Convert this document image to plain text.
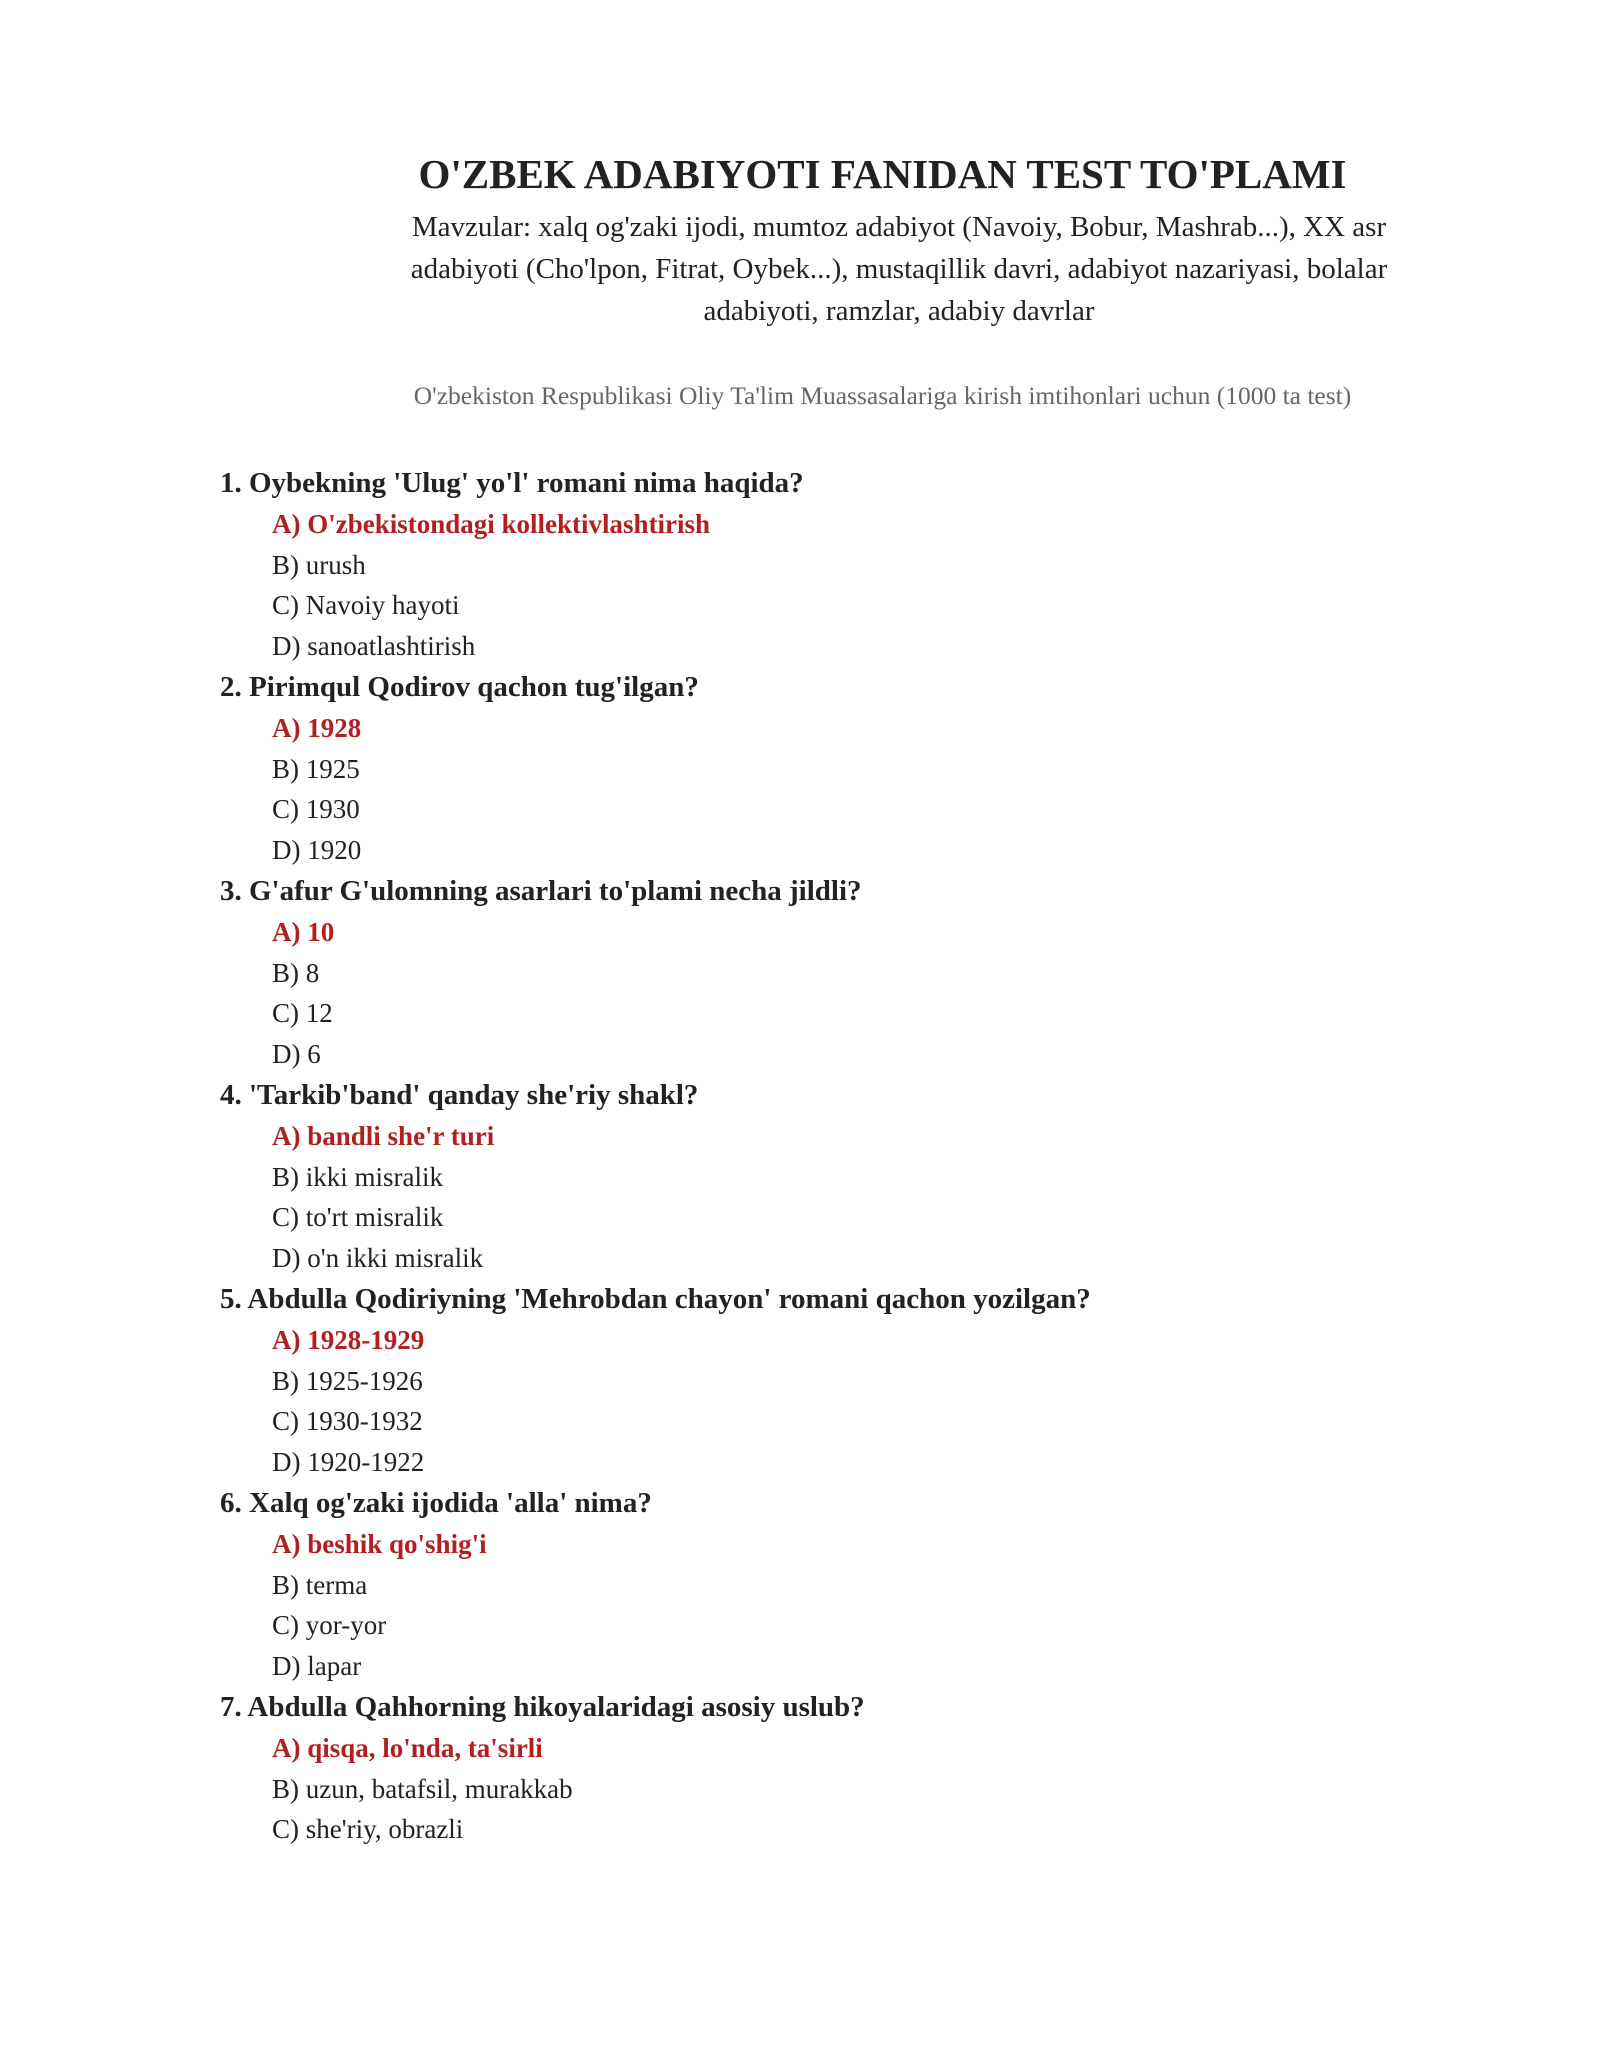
O'ZBEK ADABIYOTI FANIDAN TEST TO'PLAMI

Mavzular: xalq og'zaki ijodi, mumtoz adabiyot (Navoiy, Bobur, Mashrab...), XX asr adabiyoti (Cho'lpon, Fitrat, Oybek...), mustaqillik davri, adabiyot nazariyasi, bolalar adabiyoti, ramzlar, adabiy davrlar

O'zbekiston Respublikasi Oliy Ta'lim Muassasalariga kirish imtihonlari uchun (1000 ta test)

1. Oybekning 'Ulug' yo'l' romani nima haqida?
A) O'zbekistondagi kollektivlashtirish
B) urush
C) Navoiy hayoti
D) sanoatlashtirish
2. Pirimqul Qodirov qachon tug'ilgan?
A) 1928
B) 1925
C) 1930
D) 1920
3. G'afur G'ulomning asarlari to'plami necha jildli?
A) 10
B) 8
C) 12
D) 6
4. 'Tarkib'band' qanday she'riy shakl?
A) bandli she'r turi
B) ikki misralik
C) to'rt misralik
D) o'n ikki misralik
5. Abdulla Qodiriyning 'Mehrobdan chayon' romani qachon yozilgan?
A) 1928-1929
B) 1925-1926
C) 1930-1932
D) 1920-1922
6. Xalq og'zaki ijodida 'alla' nima?
A) beshik qo'shig'i
B) terma
C) yor-yor
D) lapar
7. Abdulla Qahhorning hikoyalaridagi asosiy uslub?
A) qisqa, lo'nda, ta'sirli
B) uzun, batafsil, murakkab
C) she'riy, obrazli
